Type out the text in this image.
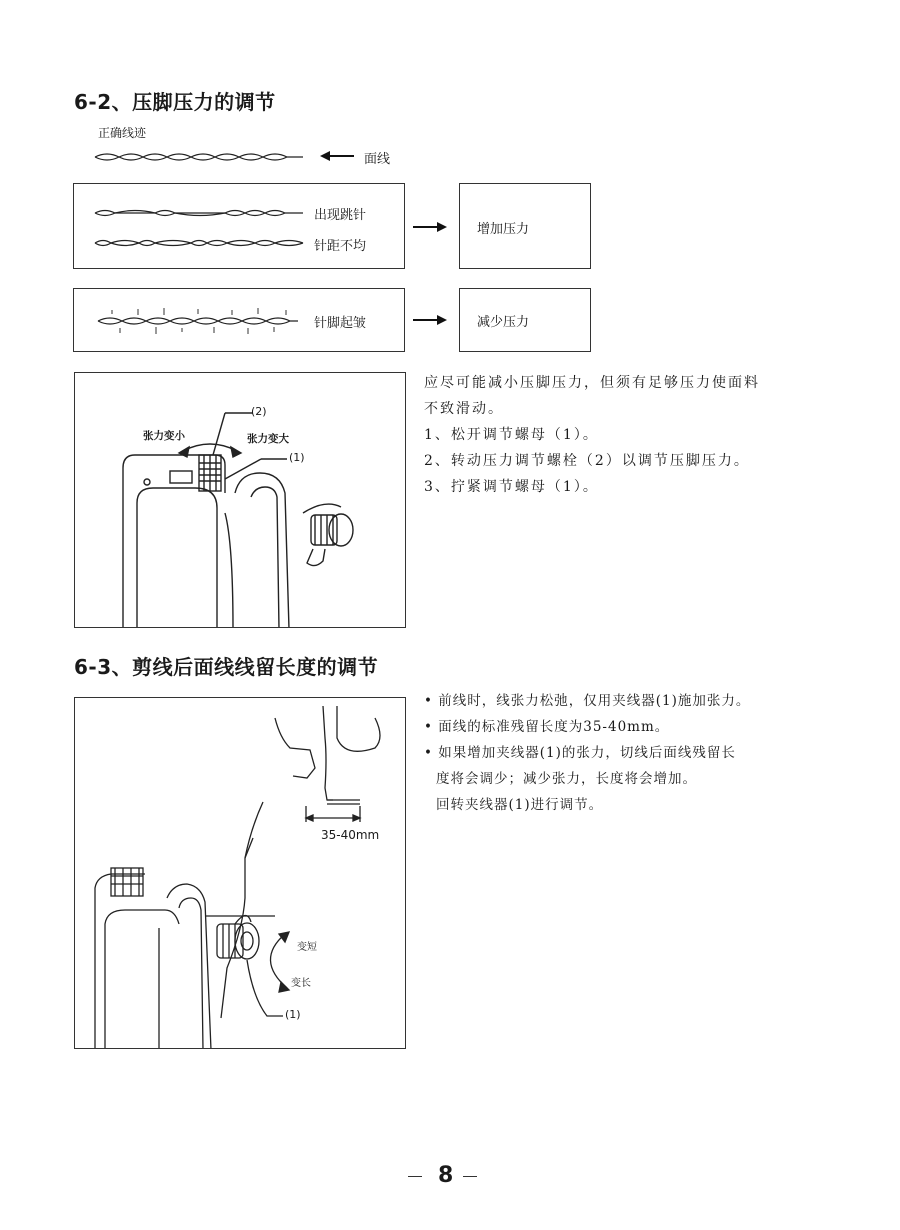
6-2、压脚压力的调节
正确线迹
面线
出现跳针
针距不均
增加压力
针脚起皱	减少压力
(2)
(1)
张力变小	张力变大
应尽可能减小压脚压力，但须有足够压力使面料
不致滑动。
1、松开调节螺母（1）。
2、转动压力调节螺栓（2）以调节压脚压力。
3、拧紧调节螺母（1）。
6-3、剪线后面线线留长度的调节
35-40mm
变短
变长
(1)
• 前线时，线张力松弛，仅用夹线器(1)施加张力。
• 面线的标准残留长度为35-40mm。
• 如果增加夹线器(1)的张力，切线后面线残留长
度将会调少；减少张力，长度将会增加。
回转夹线器(1)进行调节。
8
